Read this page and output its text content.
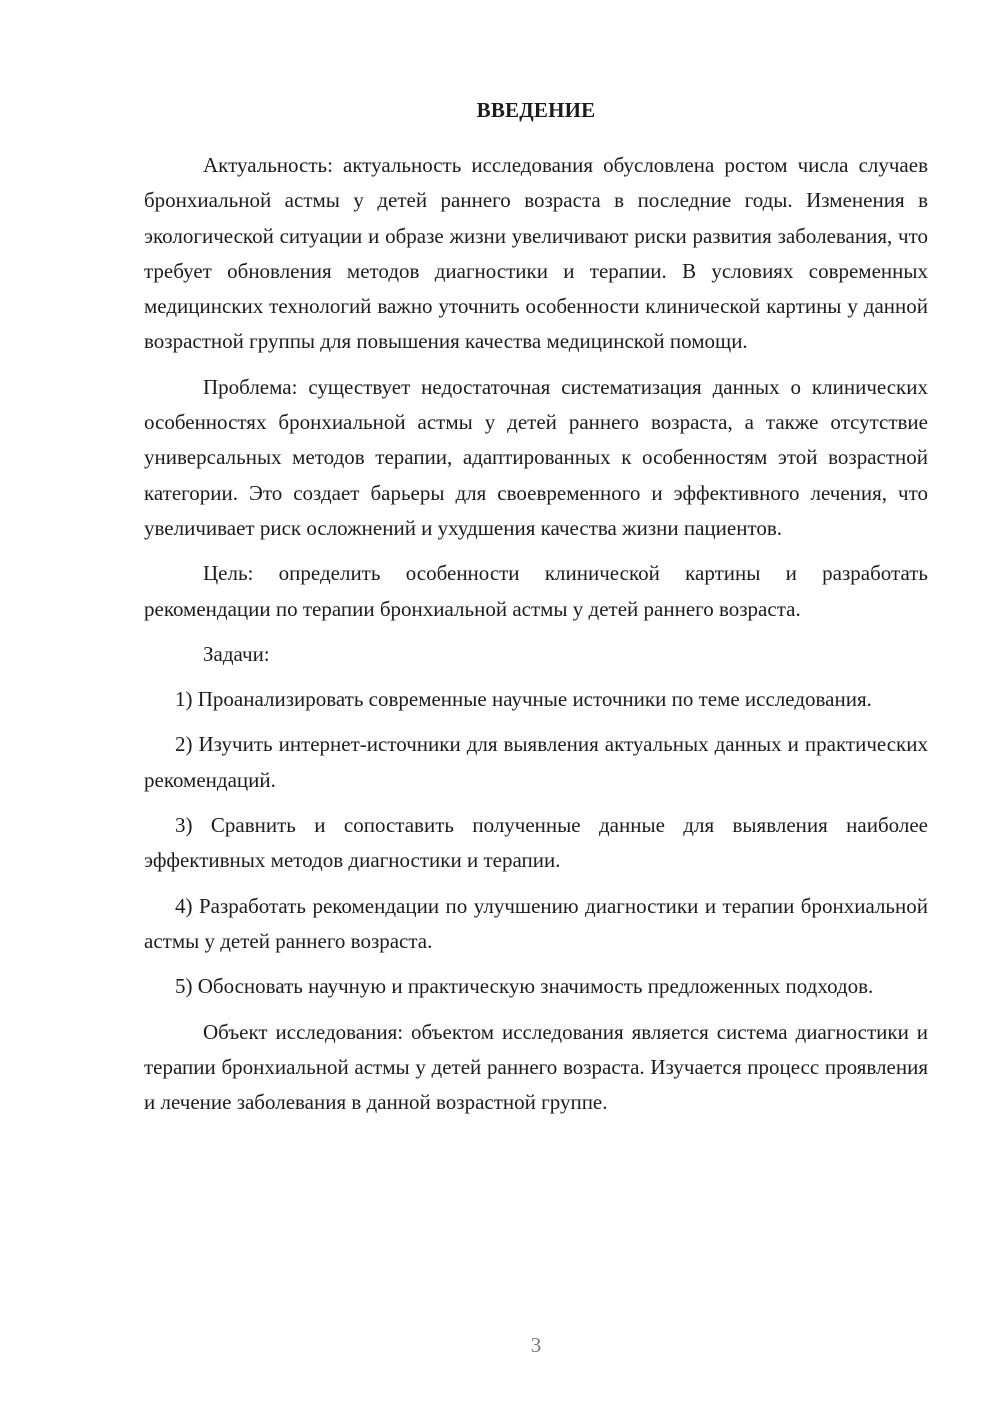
ВВЕДЕНИЕ

Актуальность: актуальность исследования обусловлена ростом числа случаев бронхиальной астмы у детей раннего возраста в последние годы. Изменения в экологической ситуации и образе жизни увеличивают риски развития заболевания, что требует обновления методов диагностики и терапии. В условиях современных медицинских технологий важно уточнить особенности клинической картины у данной возрастной группы для повышения качества медицинской помощи.

Проблема: существует недостаточная систематизация данных о клинических особенностях бронхиальной астмы у детей раннего возраста, а также отсутствие универсальных методов терапии, адаптированных к особенностям этой возрастной категории. Это создает барьеры для своевременного и эффективного лечения, что увеличивает риск осложнений и ухудшения качества жизни пациентов.

Цель: определить особенности клинической картины и разработать рекомендации по терапии бронхиальной астмы у детей раннего возраста.

Задачи:

1) Проанализировать современные научные источники по теме исследования.

2) Изучить интернет-источники для выявления актуальных данных и практических рекомендаций.

3) Сравнить и сопоставить полученные данные для выявления наиболее эффективных методов диагностики и терапии.

4) Разработать рекомендации по улучшению диагностики и терапии бронхиальной астмы у детей раннего возраста.

5) Обосновать научную и практическую значимость предложенных подходов.

Объект исследования: объектом исследования является система диагностики и терапии бронхиальной астмы у детей раннего возраста. Изучается процесс проявления и лечение заболевания в данной возрастной группе.

3
